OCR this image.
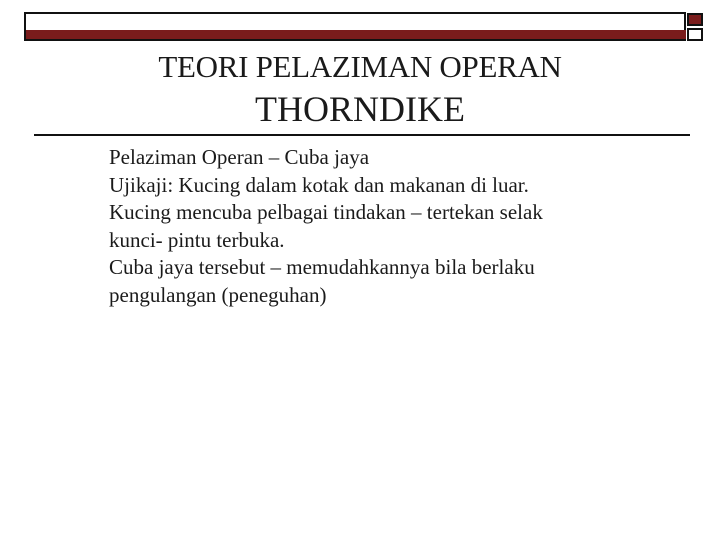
TEORI PELAZIMAN OPERAN
THORNDIKE
Pelaziman Operan – Cuba jaya
Ujikaji: Kucing dalam kotak dan makanan di luar.
Kucing mencuba pelbagai tindakan – tertekan selak
kunci- pintu terbuka.
Cuba jaya tersebut – memudahkannya bila berlaku
pengulangan (peneguhan)
